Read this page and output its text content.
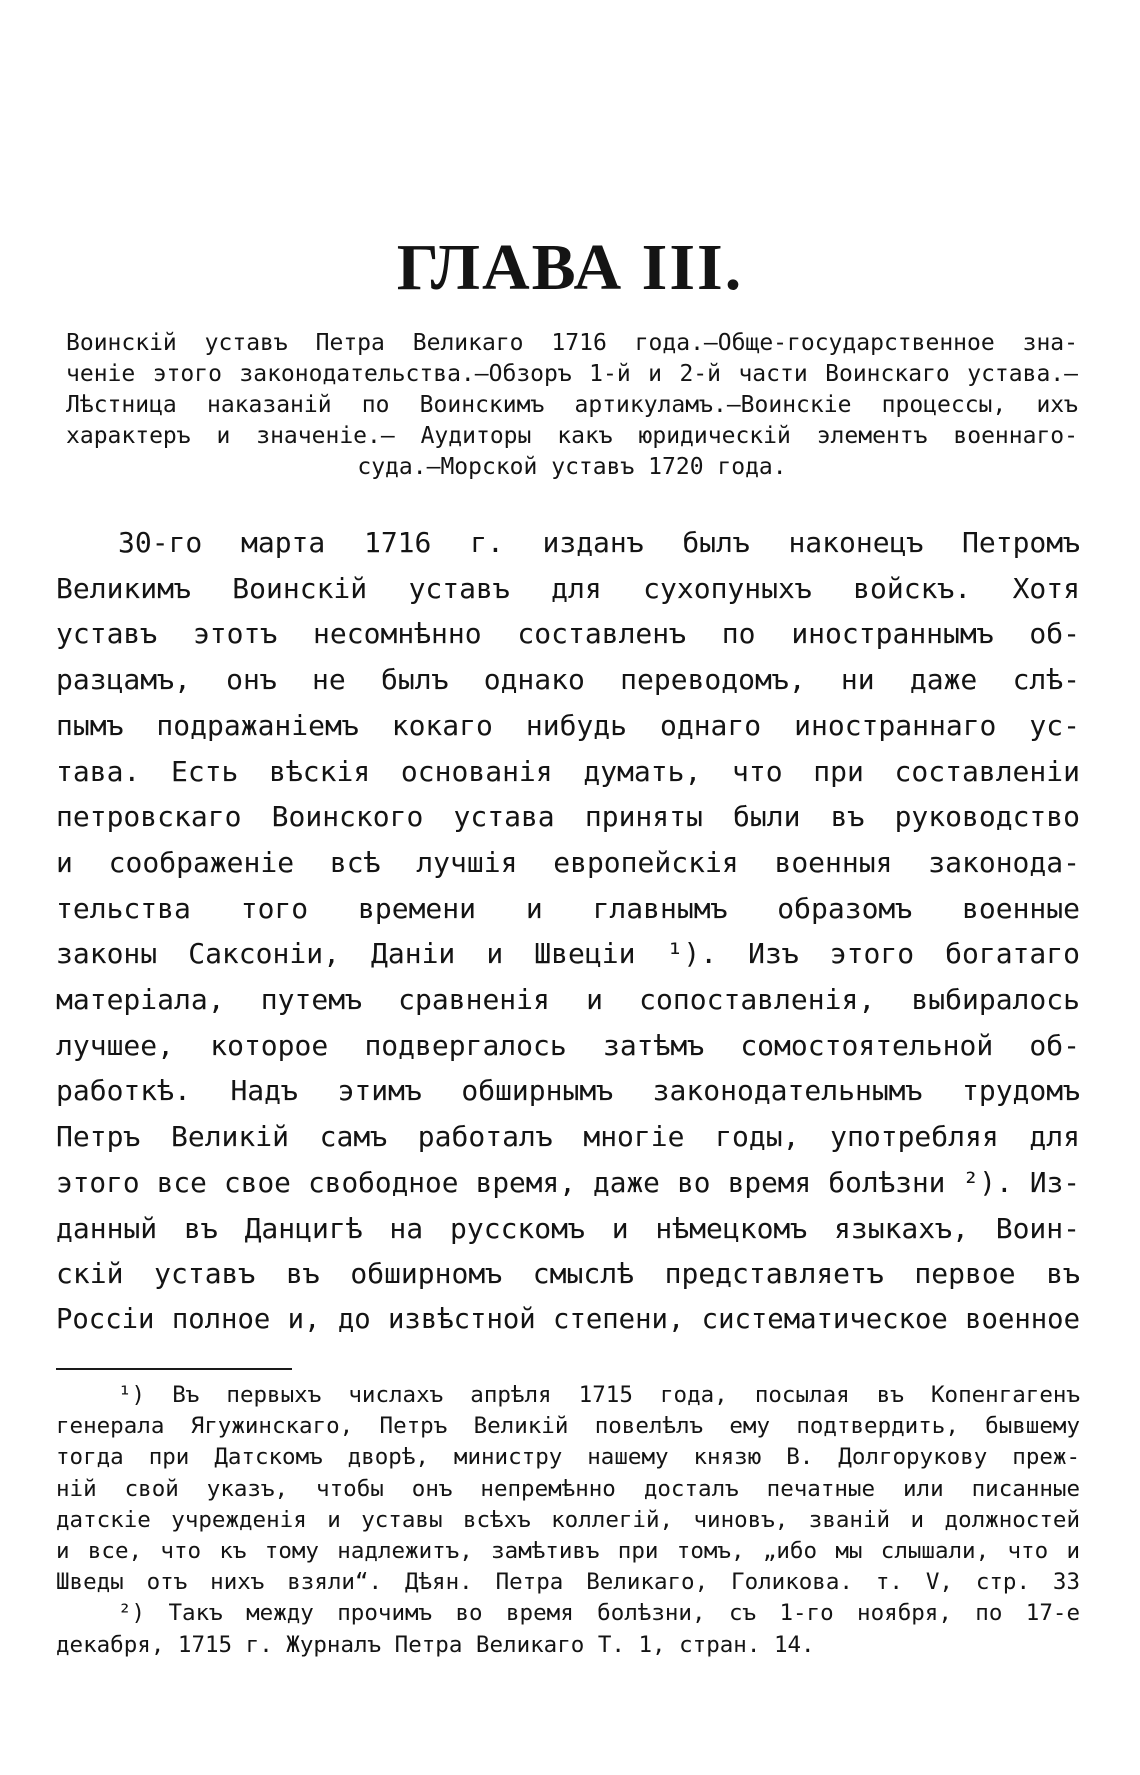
ГЛАВА III.
Воинскій уставъ Петра Великаго 1716 года.—Обще-государственное зна-
ченіе этого законодательства.—Обзоръ 1-й и 2-й части Воинскаго устава.—
Лѣстница наказаній по Воинскимъ артикуламъ.—Воинскіе процессы, ихъ
характеръ и значеніе.— Аудиторы какъ юридическій элементъ военнаго-
суда.—Морской уставъ 1720 года.
30-го марта 1716 г. изданъ былъ наконецъ Петромъ
Великимъ Воинскій уставъ для сухопуныхъ войскъ. Хотя
уставъ этотъ несомнѣнно составленъ по иностраннымъ об-
разцамъ, онъ не былъ однако переводомъ, ни даже слѣ-
пымъ подражаніемъ кокаго нибудь однаго иностраннаго ус-
тава. Есть вѣскія основанія думать, что при составленіи
петровскаго Воинского устава приняты были въ руководство
и соображеніе всѣ лучшія европейскія военныя законода-
тельства того времени и главнымъ образомъ военные
законы Саксоніи, Даніи и Швеціи ¹). Изъ этого богатаго
матеріала, путемъ сравненія и сопоставленія, выбиралось
лучшее, которое подвергалось затѣмъ сомостоятельной об-
работкѣ. Надъ этимъ обширнымъ законодательнымъ трудомъ
Петръ Великій самъ работалъ многіе годы, употребляя для
этого все свое свободное время, даже во время болѣзни ²). Из-
данный въ Данцигѣ на русскомъ и нѣмецкомъ языкахъ, Воин-
скій уставъ въ обширномъ смыслѣ представляетъ первое въ
Россіи полное и, до извѣстной степени, систематическое военное
¹) Въ первыхъ числахъ апрѣля 1715 года, посылая въ Копенгагенъ
генерала Ягужинскаго, Петръ Великій повелѣлъ ему подтвердить, бывшему
тогда при Датскомъ дворѣ, министру нашему князю В. Долгорукову преж-
ній свой указъ, чтобы онъ непремѣнно досталъ печатные или писанные
датскіе учрежденія и уставы всѣхъ коллегій, чиновъ, званій и должностей
и все, что къ тому надлежитъ, замѣтивъ при томъ, „ибо мы слышали, что и
Шведы отъ нихъ взяли“. Дѣян. Петра Великаго, Голикова. т. V, стр. 33
²) Такъ между прочимъ во время болѣзни, съ 1-го ноября, по 17-е
декабря, 1715 г. Журналъ Петра Великаго Т. 1, стран. 14.
